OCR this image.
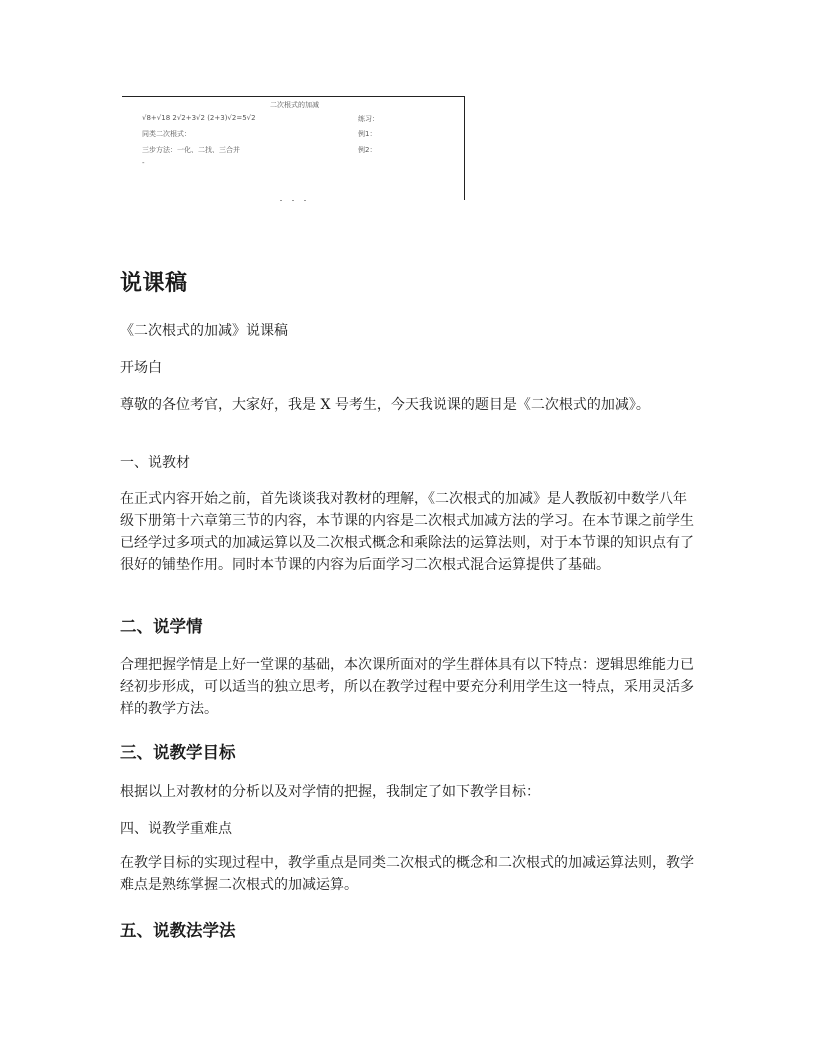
二次根式的加减
√8+√18 2√2+3√2 (2+3)√2=5√2
同类二次根式：
三步方法：一化、二找、三合并
-
练习：
例1：
例2：
说课稿
《二次根式的加减》说课稿
开场白
尊敬的各位考官，大家好，我是 X 号考生，今天我说课的题目是《二次根式的加减》。
一、说教材
在正式内容开始之前，首先谈谈我对教材的理解，《二次根式的加减》是人教版初中数学八年级下册第十六章第三节的内容，本节课的内容是二次根式加减方法的学习。在本节课之前学生已经学过多项式的加减运算以及二次根式概念和乘除法的运算法则，对于本节课的知识点有了很好的铺垫作用。同时本节课的内容为后面学习二次根式混合运算提供了基础。
二、说学情
合理把握学情是上好一堂课的基础，本次课所面对的学生群体具有以下特点：逻辑思维能力已经初步形成，可以适当的独立思考，所以在教学过程中要充分利用学生这一特点，采用灵活多样的教学方法。
三、说教学目标
根据以上对教材的分析以及对学情的把握，我制定了如下教学目标：
四、说教学重难点
在教学目标的实现过程中，教学重点是同类二次根式的概念和二次根式的加减运算法则，教学难点是熟练掌握二次根式的加减运算。
五、说教法学法
